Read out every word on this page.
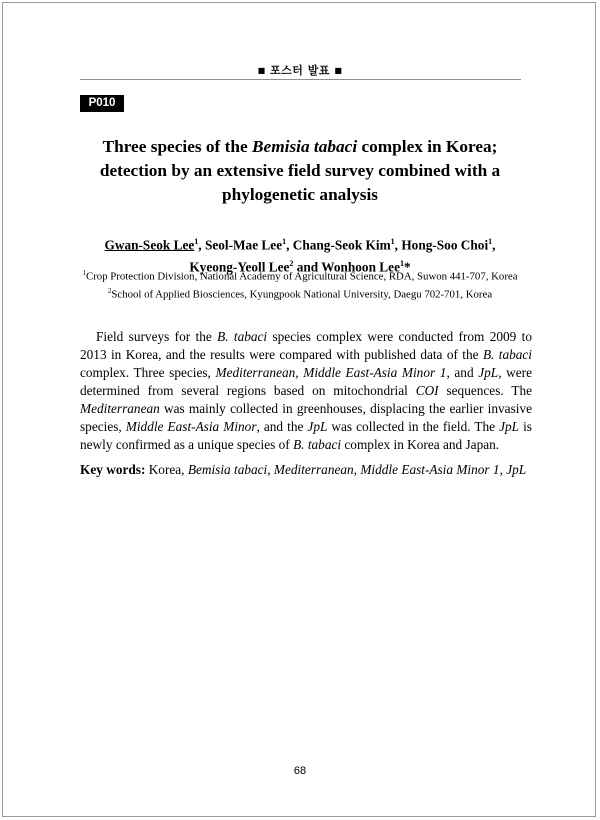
■ 포스터 발표 ■
P010
Three species of the Bemisia tabaci complex in Korea; detection by an extensive field survey combined with a phylogenetic analysis
Gwan-Seok Lee$^1$, Seol-Mae Lee$^1$, Chang-Seok Kim$^1$, Hong-Soo Choi$^1$,
Kyeong-Yeoll Lee$^2$ and Wonhoon Lee$^1$*
$^1$Crop Protection Division, National Academy of Agricultural Science, RDA, Suwon 441-707, Korea
$^2$School of Applied Biosciences, Kyungpook National University, Daegu 702-701, Korea

Field surveys for the B. tabaci species complex were conducted from 2009 to 2013 in Korea, and the results were compared with published data of the B. tabaci complex. Three species, Mediterranean, Middle East-Asia Minor 1, and JpL, were determined from several regions based on mitochondrial COI sequences. The Mediterranean was mainly collected in greenhouses, displacing the earlier invasive species, Middle East-Asia Minor, and the JpL was collected in the field. The JpL is newly confirmed as a unique species of B. tabaci complex in Korea and Japan.

Key words: Korea, Bemisia tabaci, Mediterranean, Middle East-Asia Minor 1, JpL

68
